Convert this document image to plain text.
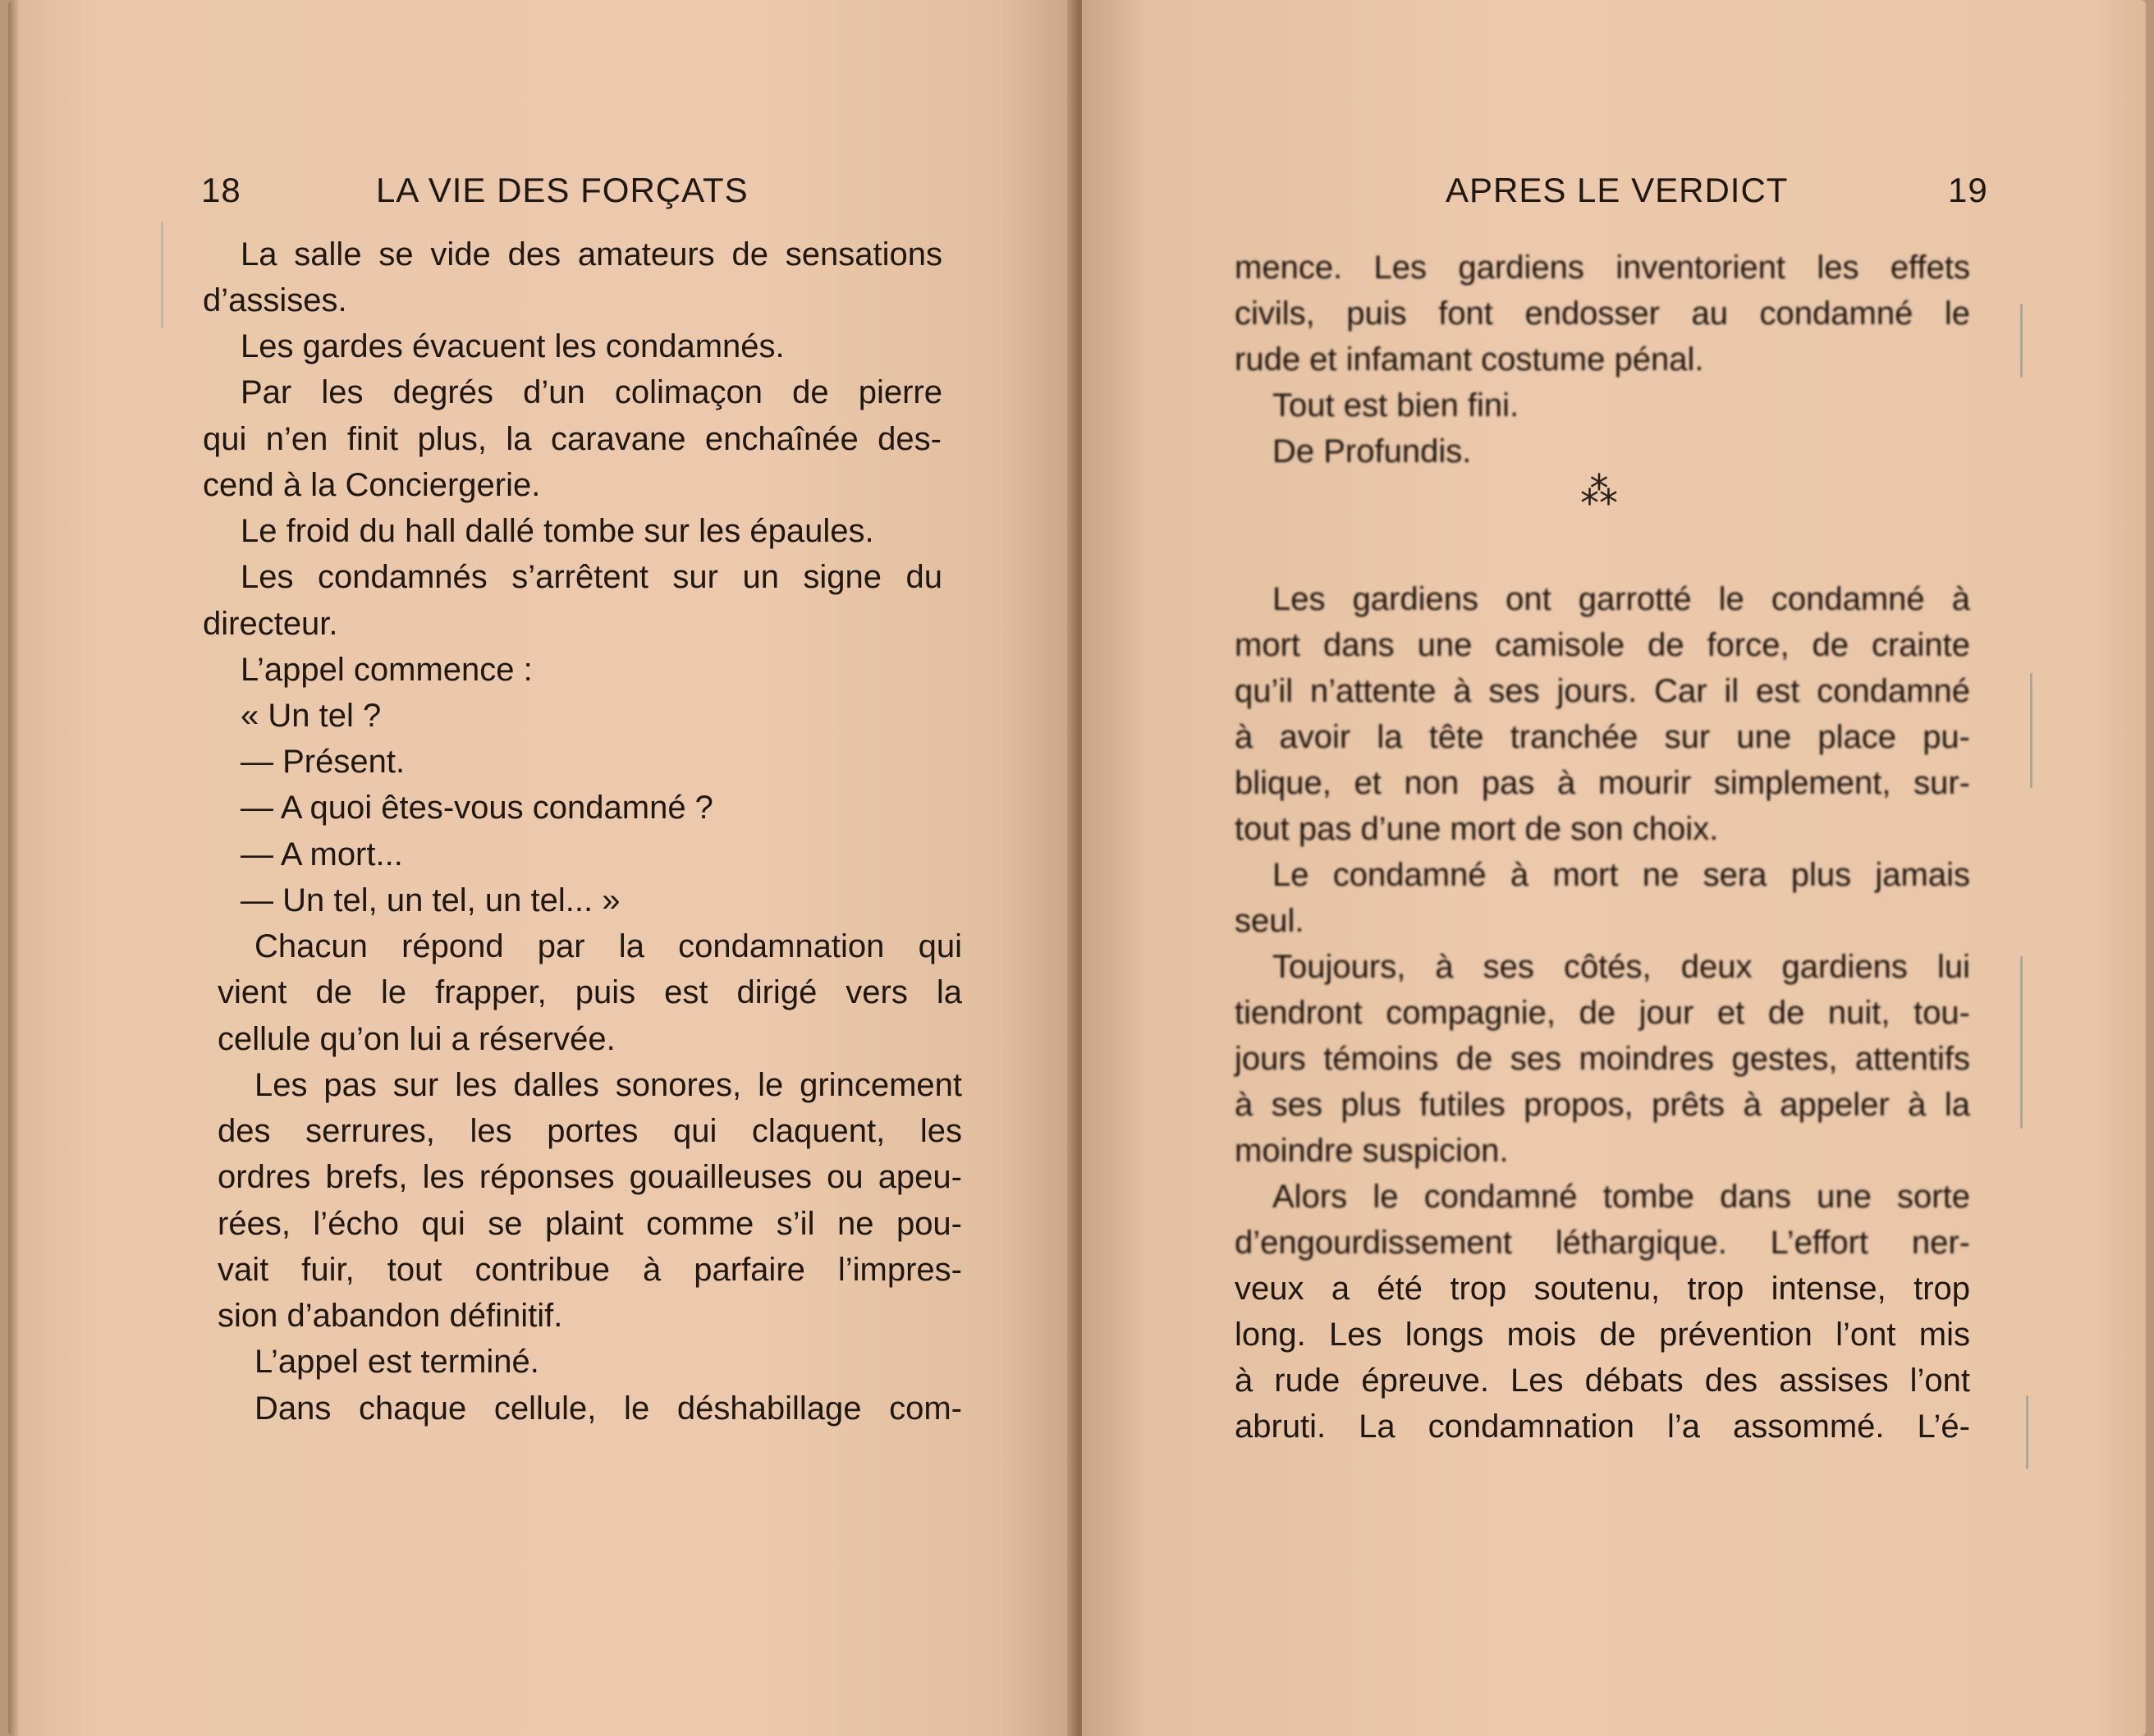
18	LA VIE DES FORÇATS
La salle se vide des amateurs de sensations
d’assises.
Les gardes évacuent les condamnés.
Par les degrés d’un colimaçon de pierre
qui n’en finit plus, la caravane enchaînée des-
cend à la Conciergerie.
Le froid du hall dallé tombe sur les épaules.
Les condamnés s’arrêtent sur un signe du
directeur.
L’appel commence :
« Un tel ?
— Présent.
— A quoi êtes-vous condamné ?
— A mort...
— Un tel, un tel, un tel... »
Chacun répond par la condamnation qui
vient de le frapper, puis est dirigé vers la
cellule qu’on lui a réservée.
Les pas sur les dalles sonores, le grincement
des serrures, les portes qui claquent, les
ordres brefs, les réponses gouailleuses ou apeu-
rées, l’écho qui se plaint comme s’il ne pou-
vait fuir, tout contribue à parfaire l’impres-
sion d’abandon définitif.
L’appel est terminé.
Dans chaque cellule, le déshabillage com-
APRES LE VERDICT	19
mence. Les gardiens inventorient les effets
civils, puis font endosser au condamné le
rude et infamant costume pénal.
Tout est bien fini.
De Profundis.
Les gardiens ont garrotté le condamné à
mort dans une camisole de force, de crainte
qu’il n’attente à ses jours. Car il est condamné
à avoir la tête tranchée sur une place pu-
blique, et non pas à mourir simplement, sur-
tout pas d’une mort de son choix.
Le condamné à mort ne sera plus jamais
seul.
Toujours, à ses côtés, deux gardiens lui
tiendront compagnie, de jour et de nuit, tou-
jours témoins de ses moindres gestes, attentifs
à ses plus futiles propos, prêts à appeler à la
moindre suspicion.
Alors le condamné tombe dans une sorte
d’engourdissement léthargique. L’effort ner-
veux a été trop soutenu, trop intense, trop
long. Les longs mois de prévention l’ont mis
à rude épreuve. Les débats des assises l’ont
abruti. La condamnation l’a assommé. L’é-
⁂
